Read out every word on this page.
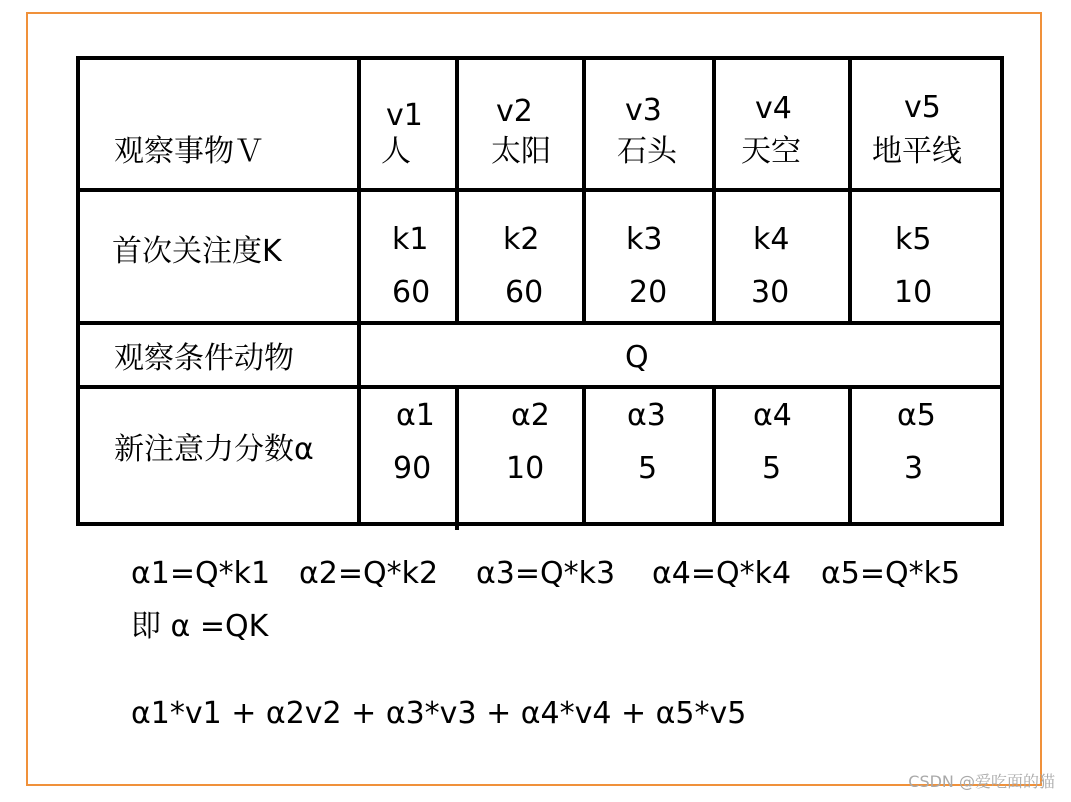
观察事物Ｖ
v1
人
v2
太阳
v3
石头
v4
天空
v5
地平线
首次关注度K	k1
60
k2
60
k3
20
k4
30
k5
10
观察条件动物	Q
新注意力分数α
α1
90
α2
10
α3
5
α4
5
α5
3
α1=Q*k1 α2=Q*k2 α3=Q*k3 α4=Q*k4 α5=Q*k5
即 α =QK
α1*v1 + α2v2 + α3*v3 + α4*v4 + α5*v5
CSDN @爱吃面的猫
